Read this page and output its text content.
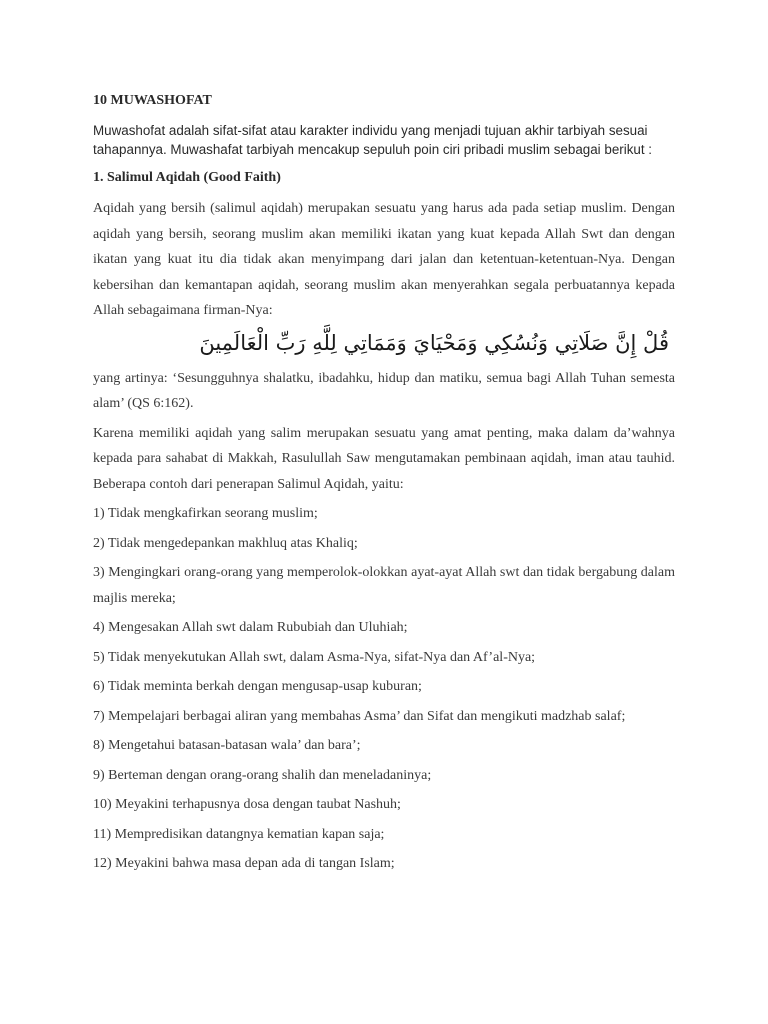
10 MUWASHOFAT
Muwashofat adalah sifat-sifat atau karakter individu yang menjadi tujuan akhir tarbiyah sesuai tahapannya. Muwashafat tarbiyah mencakup sepuluh poin ciri pribadi muslim sebagai berikut :
1. Salimul Aqidah (Good Faith)
Aqidah yang bersih (salimul aqidah) merupakan sesuatu yang harus ada pada setiap muslim. Dengan aqidah yang bersih, seorang muslim akan memiliki ikatan yang kuat kepada Allah Swt dan dengan ikatan yang kuat itu dia tidak akan menyimpang dari jalan dan ketentuan-ketentuan-Nya. Dengan kebersihan dan kemantapan aqidah, seorang muslim akan menyerahkan segala perbuatannya kepada Allah sebagaimana firman-Nya:
قُلْ إِنَّ صَلَاتِي وَنُسُكِي وَمَحْيَايَ وَمَمَاتِي لِلَّهِ رَبِّ الْعَالَمِينَ
yang artinya: ‘Sesungguhnya shalatku, ibadahku, hidup dan matiku, semua bagi Allah Tuhan semesta alam’ (QS 6:162).
Karena memiliki aqidah yang salim merupakan sesuatu yang amat penting, maka dalam da’wahnya kepada para sahabat di Makkah, Rasulullah Saw mengutamakan pembinaan aqidah, iman atau tauhid. Beberapa contoh dari penerapan Salimul Aqidah, yaitu:
1) Tidak mengkafirkan seorang muslim;
2) Tidak mengedepankan makhluq atas Khaliq;
3) Mengingkari orang-orang yang memperolok-olokkan ayat-ayat Allah swt dan tidak bergabung dalam majlis mereka;
4) Mengesakan Allah swt dalam Rububiah dan Uluhiah;
5) Tidak menyekutukan Allah swt, dalam Asma-Nya, sifat-Nya dan Af’al-Nya;
6) Tidak meminta berkah dengan mengusap-usap kuburan;
7) Mempelajari berbagai aliran yang membahas Asma’ dan Sifat dan mengikuti madzhab salaf;
8) Mengetahui batasan-batasan wala’ dan bara’;
9) Berteman dengan orang-orang shalih dan meneladaninya;
10) Meyakini terhapusnya dosa dengan taubat Nashuh;
11) Mempredisikan datangnya kematian kapan saja;
12) Meyakini bahwa masa depan ada di tangan Islam;
